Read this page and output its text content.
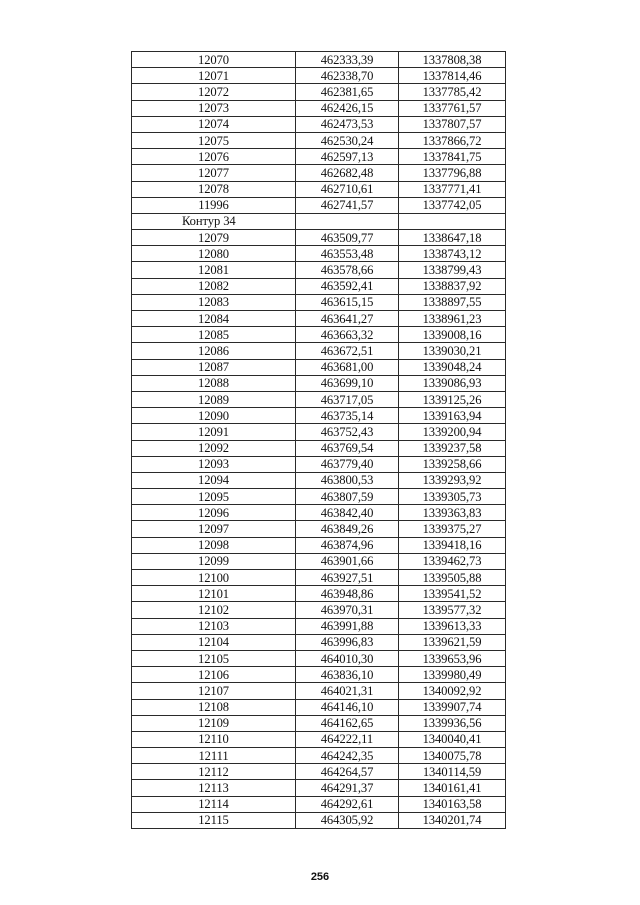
12070	462333,39	1337808,38
12071	462338,70	1337814,46
12072	462381,65	1337785,42
12073	462426,15	1337761,57
12074	462473,53	1337807,57
12075	462530,24	1337866,72
12076	462597,13	1337841,75
12077	462682,48	1337796,88
12078	462710,61	1337771,41
11996	462741,57	1337742,05
Контур 34		
12079	463509,77	1338647,18
12080	463553,48	1338743,12
12081	463578,66	1338799,43
12082	463592,41	1338837,92
12083	463615,15	1338897,55
12084	463641,27	1338961,23
12085	463663,32	1339008,16
12086	463672,51	1339030,21
12087	463681,00	1339048,24
12088	463699,10	1339086,93
12089	463717,05	1339125,26
12090	463735,14	1339163,94
12091	463752,43	1339200,94
12092	463769,54	1339237,58
12093	463779,40	1339258,66
12094	463800,53	1339293,92
12095	463807,59	1339305,73
12096	463842,40	1339363,83
12097	463849,26	1339375,27
12098	463874,96	1339418,16
12099	463901,66	1339462,73
12100	463927,51	1339505,88
12101	463948,86	1339541,52
12102	463970,31	1339577,32
12103	463991,88	1339613,33
12104	463996,83	1339621,59
12105	464010,30	1339653,96
12106	463836,10	1339980,49
12107	464021,31	1340092,92
12108	464146,10	1339907,74
12109	464162,65	1339936,56
12110	464222,11	1340040,41
12111	464242,35	1340075,78
12112	464264,57	1340114,59
12113	464291,37	1340161,41
12114	464292,61	1340163,58
12115	464305,92	1340201,74
256
